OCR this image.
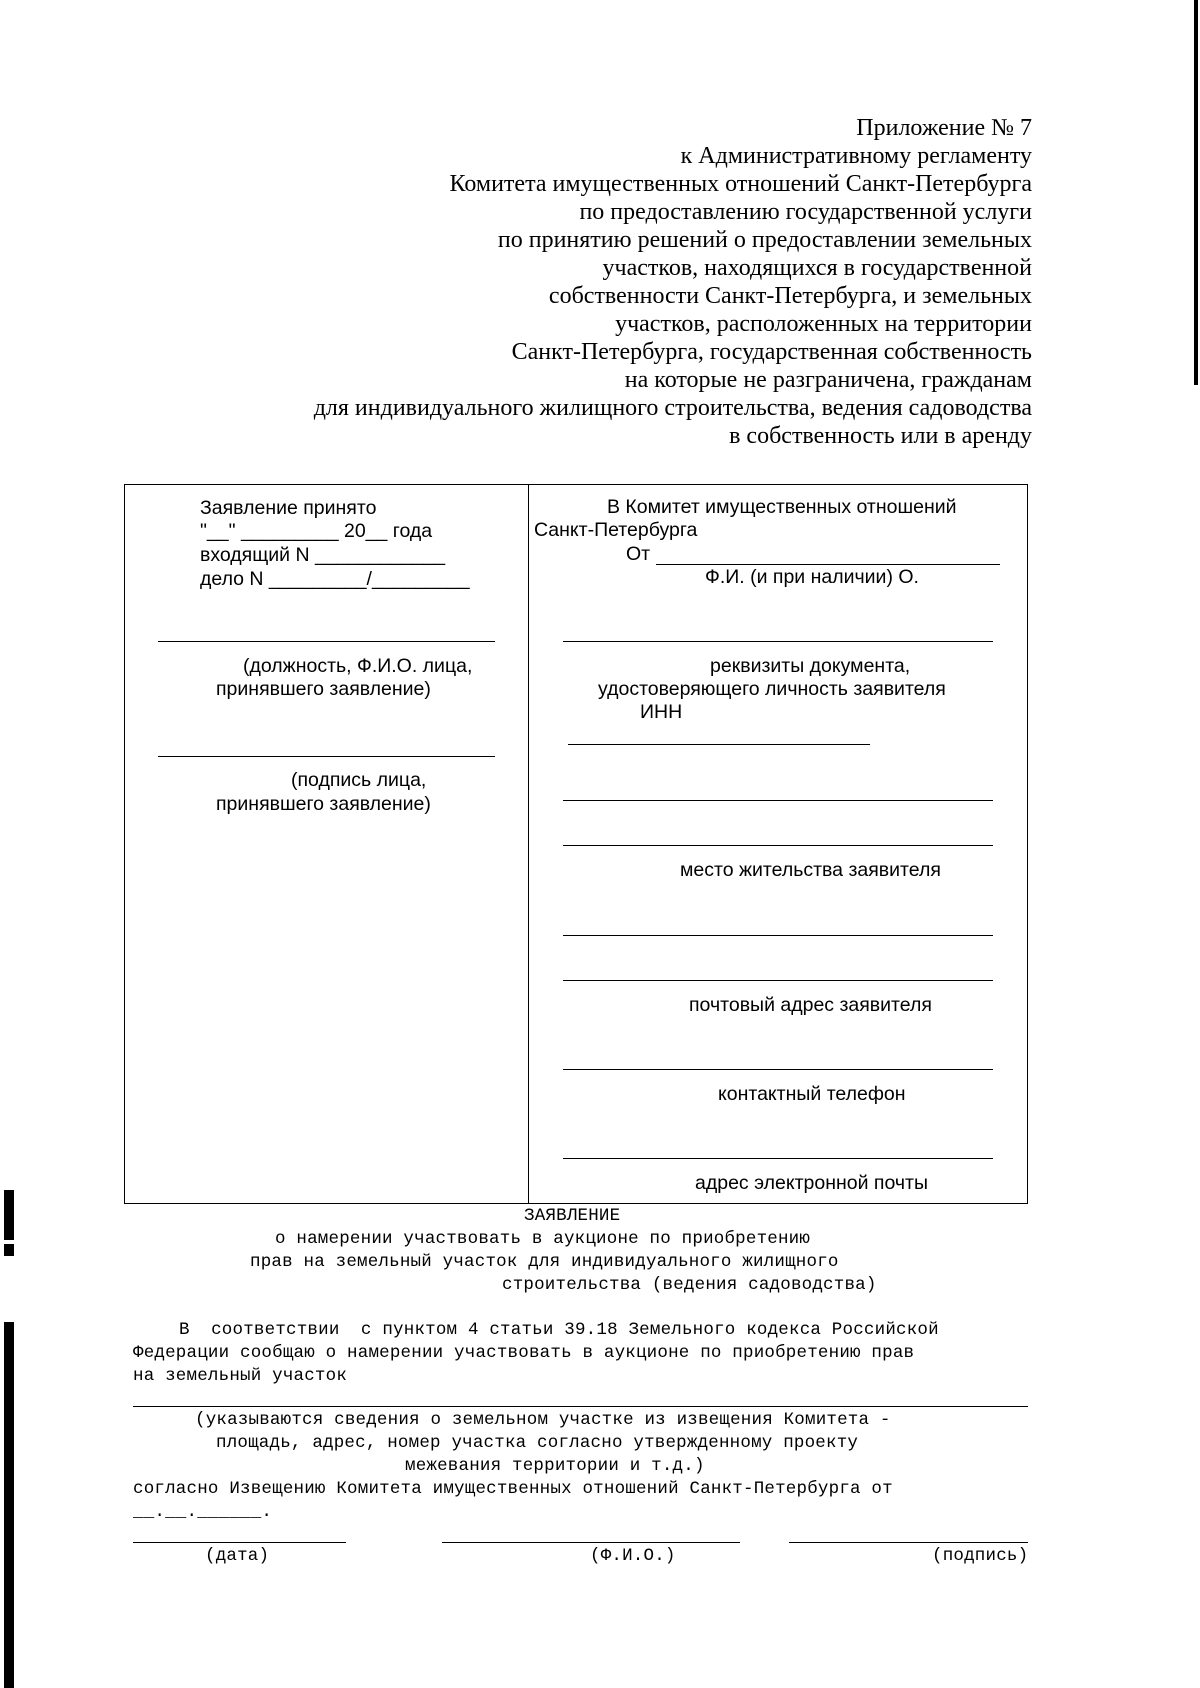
Приложение № 7
к Административному регламенту
Комитета имущественных отношений Санкт-Петербурга
по предоставлению государственной услуги
по принятию решений о предоставлении земельных
участков, находящихся в государственной
собственности Санкт-Петербурга, и земельных
участков, расположенных на территории
Санкт-Петербурга, государственная собственность
на которые не разграничена, гражданам
для индивидуального жилищного строительства, ведения садоводства
в собственность или в аренду
Заявление принято
"__" _________ 20__ года
входящий N ____________
дело N _________/_________
(должность, Ф.И.О. лица,
принявшего заявление)
(подпись лица,
принявшего заявление)
В Комитет имущественных отношений
Санкт-Петербурга
От
Ф.И. (и при наличии) О.
реквизиты документа,
удостоверяющего личность заявителя
ИНН
место жительства заявителя
почтовый адрес заявителя
контактный телефон
адрес электронной почты
ЗАЯВЛЕНИЕ
о намерении участвовать в аукционе по приобретению
прав на земельный участок для индивидуального жилищного
строительства (ведения садоводства)
В  соответствии  с пунктом 4 статьи 39.18 Земельного кодекса Российской
Федерации сообщаю о намерении участвовать в аукционе по приобретению прав
на земельный участок
(указываются сведения о земельном участке из извещения Комитета -
площадь, адрес, номер участка согласно утвержденному проекту
межевания территории и т.д.)
согласно Извещению Комитета имущественных отношений Санкт-Петербурга от
__.__.______.
(дата)	(Ф.И.О.)	(подпись)
